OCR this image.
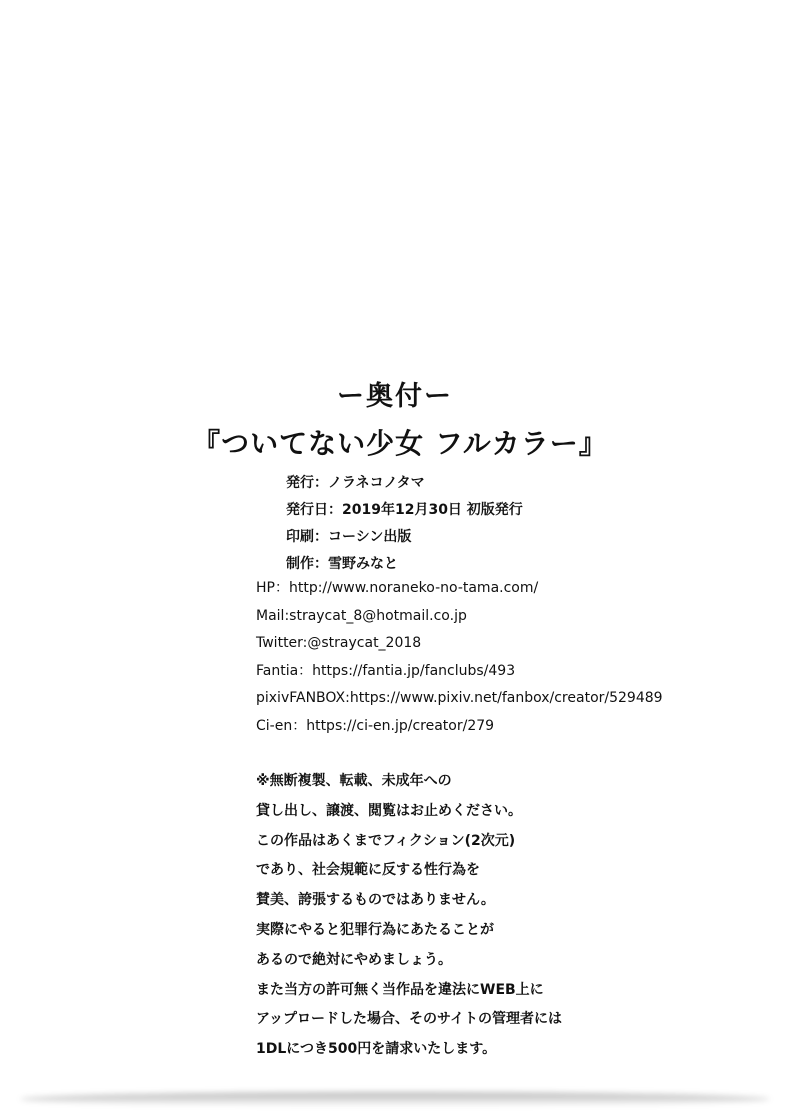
ー奥付ー
『ついてない少女 フルカラー』
発行：ノラネコノタマ
発行日：2019年12月30日 初版発行
印刷：コーシン出版
制作：雪野みなと
HP：http://www.noraneko-no-tama.com/
Mail:straycat_8@hotmail.co.jp
Twitter:@straycat_2018
Fantia：https://fantia.jp/fanclubs/493
pixivFANBOX:https://www.pixiv.net/fanbox/creator/529489
Ci-en：https://ci-en.jp/creator/279
※無断複製、転載、未成年への
貸し出し、譲渡、閲覧はお止めください。
この作品はあくまでフィクション(2次元)
であり、社会規範に反する性行為を
賛美、誇張するものではありません。
実際にやると犯罪行為にあたることが
あるので絶対にやめましょう。
また当方の許可無く当作品を違法にWEB上に
アップロードした場合、そのサイトの管理者には
1DLにつき500円を請求いたします。
